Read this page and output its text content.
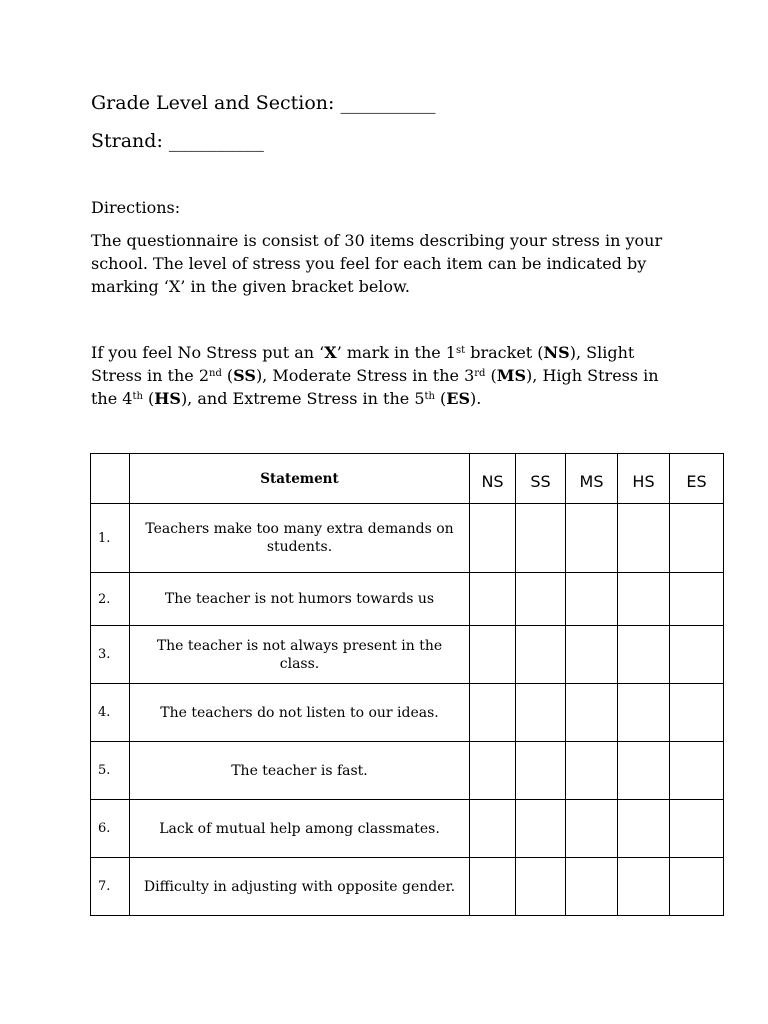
Grade Level and Section: __________

Strand: __________

Directions:

The questionnaire is consist of 30 items describing your stress in your school. The level of stress you feel for each item can be indicated by marking ‘X’ in the given bracket below.

If you feel No Stress put an ‘X’ mark in the 1st bracket (NS), Slight Stress in the 2nd (SS), Moderate Stress in the 3rd (MS), High Stress in the 4th (HS), and Extreme Stress in the 5th (ES).

	Statement	NS	SS	MS	HS	ES
1.	Teachers make too many extra demands on students.					
2.	The teacher is not humors towards us					
3.	The teacher is not always present in the class.					
4.	The teachers do not listen to our ideas.					
5.	The teacher is fast.					
6.	Lack of mutual help among classmates.					
7.	Difficulty in adjusting with opposite gender.					
